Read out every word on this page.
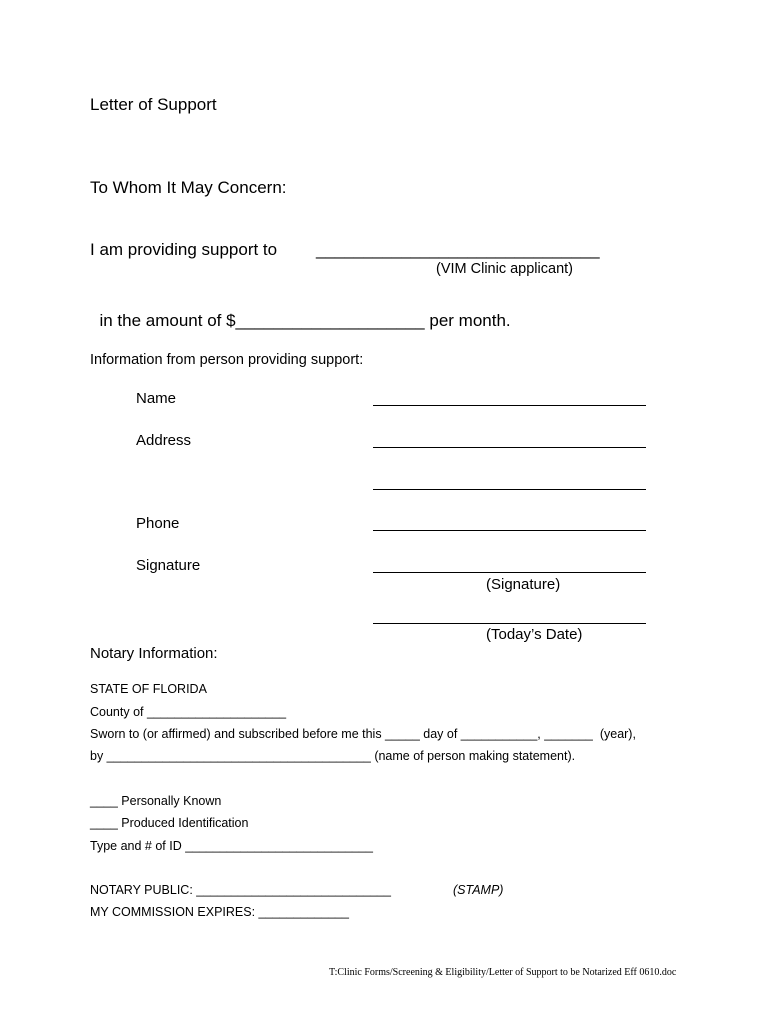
Letter of Support
To Whom It May Concern:
I am providing support to ______________________________
(VIM Clinic applicant)

in the amount of $____________________ per month.

Information from person providing support:
Name
Address
Phone
Signature
(Signature)
(Today’s Date)
Notary Information:
STATE OF FLORIDA
County of ____________________
Sworn to (or affirmed) and subscribed before me this _____ day of ___________, _______  (year),
by ______________________________________ (name of person making statement).
____ Personally Known
____ Produced Identification
Type and # of ID ___________________________
NOTARY PUBLIC: ____________________________	(STAMP)
MY COMMISSION EXPIRES: _____________
T:Clinic Forms/Screening & Eligibility/Letter of Support to be Notarized Eff 0610.doc
